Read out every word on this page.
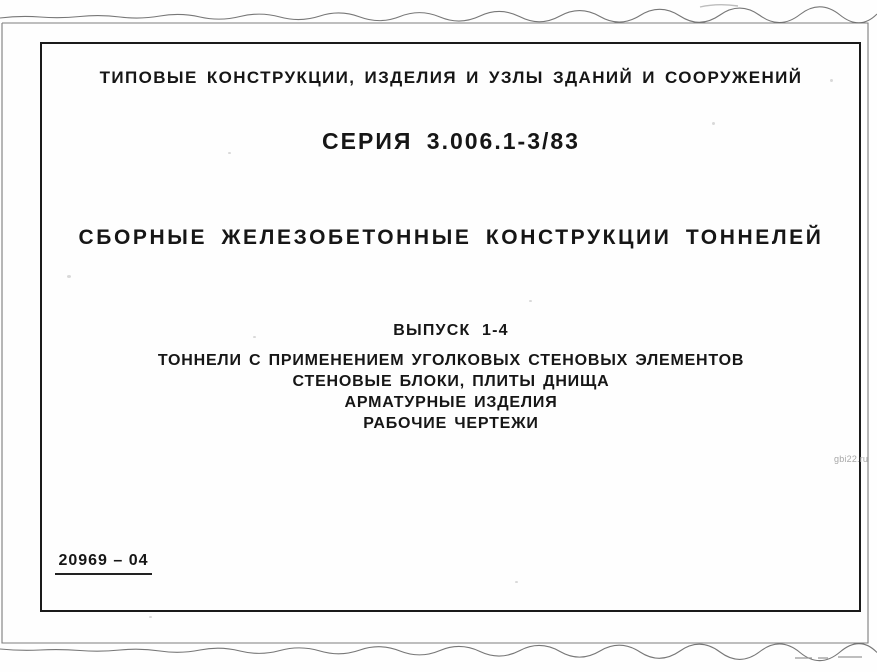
ТИПОВЫЕ КОНСТРУКЦИИ, ИЗДЕЛИЯ И УЗЛЫ ЗДАНИЙ И СООРУЖЕНИЙ
СЕРИЯ 3.006.1-3/83
СБОРНЫЕ ЖЕЛЕЗОБЕТОННЫЕ КОНСТРУКЦИИ ТОННЕЛЕЙ
ВЫПУСК 1-4
ТОННЕЛИ С ПРИМЕНЕНИЕМ УГОЛКОВЫХ СТЕНОВЫХ ЭЛЕМЕНТОВ
СТЕНОВЫЕ БЛОКИ, ПЛИТЫ ДНИЩА
АРМАТУРНЫЕ ИЗДЕЛИЯ
РАБОЧИЕ ЧЕРТЕЖИ
20969 – 04
gbi22.ru
